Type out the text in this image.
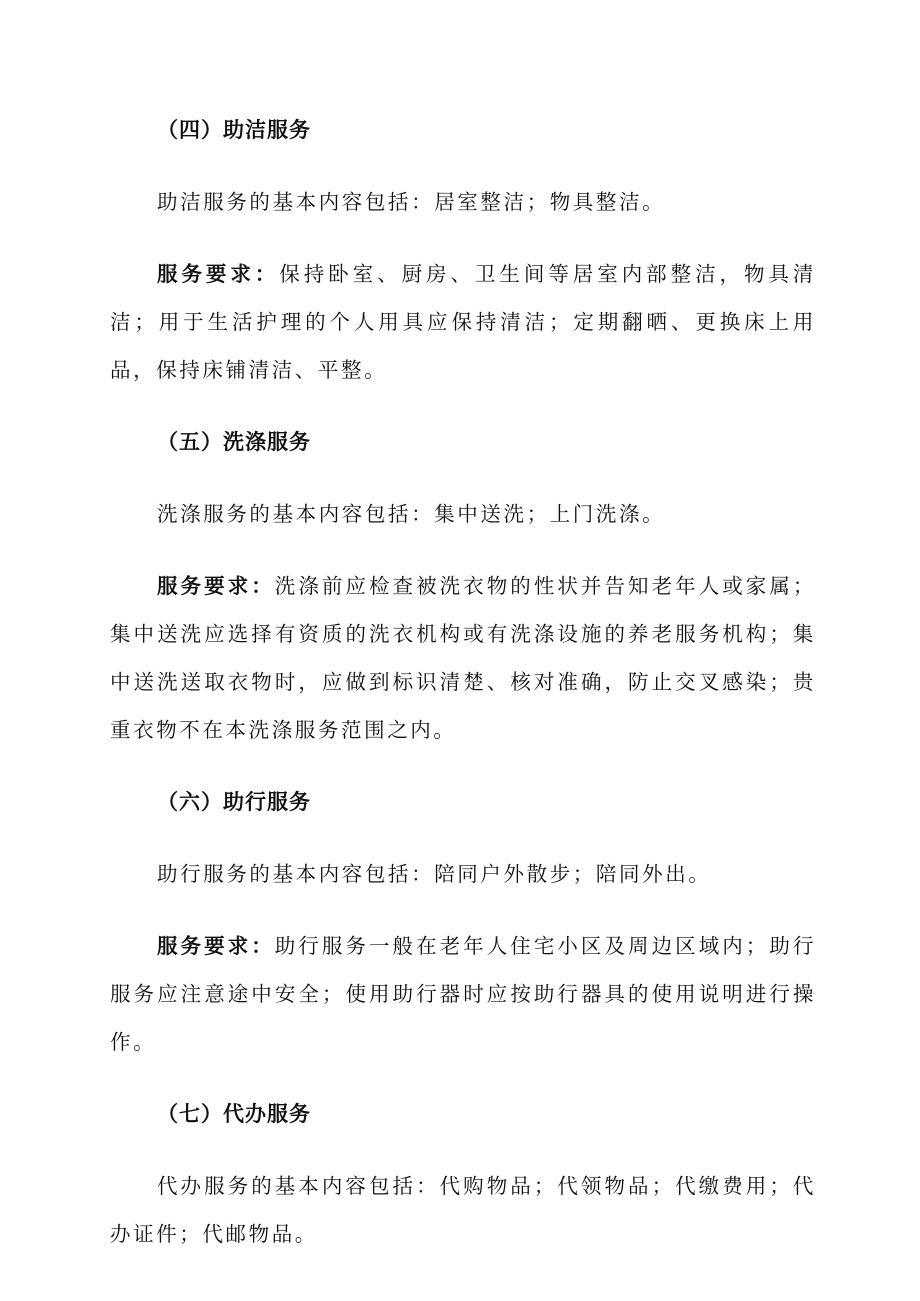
（四）助洁服务

助洁服务的基本内容包括：居室整洁；物具整洁。

服务要求：保持卧室、厨房、卫生间等居室内部整洁，物具清洁；用于生活护理的个人用具应保持清洁；定期翻晒、更换床上用品，保持床铺清洁、平整。

（五）洗涤服务

洗涤服务的基本内容包括：集中送洗；上门洗涤。

服务要求：洗涤前应检查被洗衣物的性状并告知老年人或家属；集中送洗应选择有资质的洗衣机构或有洗涤设施的养老服务机构；集中送洗送取衣物时，应做到标识清楚、核对准确，防止交叉感染；贵重衣物不在本洗涤服务范围之内。

（六）助行服务

助行服务的基本内容包括：陪同户外散步；陪同外出。

服务要求：助行服务一般在老年人住宅小区及周边区域内；助行服务应注意途中安全；使用助行器时应按助行器具的使用说明进行操作。

（七）代办服务

代办服务的基本内容包括：代购物品；代领物品；代缴费用；代办证件；代邮物品。
